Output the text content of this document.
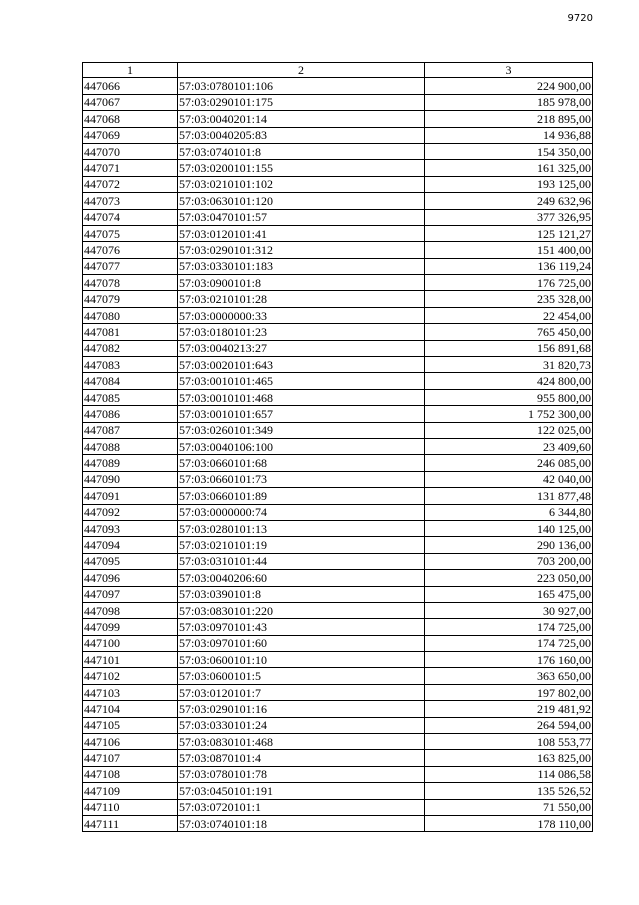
9720
1	2	3
447066	57:03:0780101:106	224 900,00
447067	57:03:0290101:175	185 978,00
447068	57:03:0040201:14	218 895,00
447069	57:03:0040205:83	14 936,88
447070	57:03:0740101:8	154 350,00
447071	57:03:0200101:155	161 325,00
447072	57:03:0210101:102	193 125,00
447073	57:03:0630101:120	249 632,96
447074	57:03:0470101:57	377 326,95
447075	57:03:0120101:41	125 121,27
447076	57:03:0290101:312	151 400,00
447077	57:03:0330101:183	136 119,24
447078	57:03:0900101:8	176 725,00
447079	57:03:0210101:28	235 328,00
447080	57:03:0000000:33	22 454,00
447081	57:03:0180101:23	765 450,00
447082	57:03:0040213:27	156 891,68
447083	57:03:0020101:643	31 820,73
447084	57:03:0010101:465	424 800,00
447085	57:03:0010101:468	955 800,00
447086	57:03:0010101:657	1 752 300,00
447087	57:03:0260101:349	122 025,00
447088	57:03:0040106:100	23 409,60
447089	57:03:0660101:68	246 085,00
447090	57:03:0660101:73	42 040,00
447091	57:03:0660101:89	131 877,48
447092	57:03:0000000:74	6 344,80
447093	57:03:0280101:13	140 125,00
447094	57:03:0210101:19	290 136,00
447095	57:03:0310101:44	703 200,00
447096	57:03:0040206:60	223 050,00
447097	57:03:0390101:8	165 475,00
447098	57:03:0830101:220	30 927,00
447099	57:03:0970101:43	174 725,00
447100	57:03:0970101:60	174 725,00
447101	57:03:0600101:10	176 160,00
447102	57:03:0600101:5	363 650,00
447103	57:03:0120101:7	197 802,00
447104	57:03:0290101:16	219 481,92
447105	57:03:0330101:24	264 594,00
447106	57:03:0830101:468	108 553,77
447107	57:03:0870101:4	163 825,00
447108	57:03:0780101:78	114 086,58
447109	57:03:0450101:191	135 526,52
447110	57:03:0720101:1	71 550,00
447111	57:03:0740101:18	178 110,00
